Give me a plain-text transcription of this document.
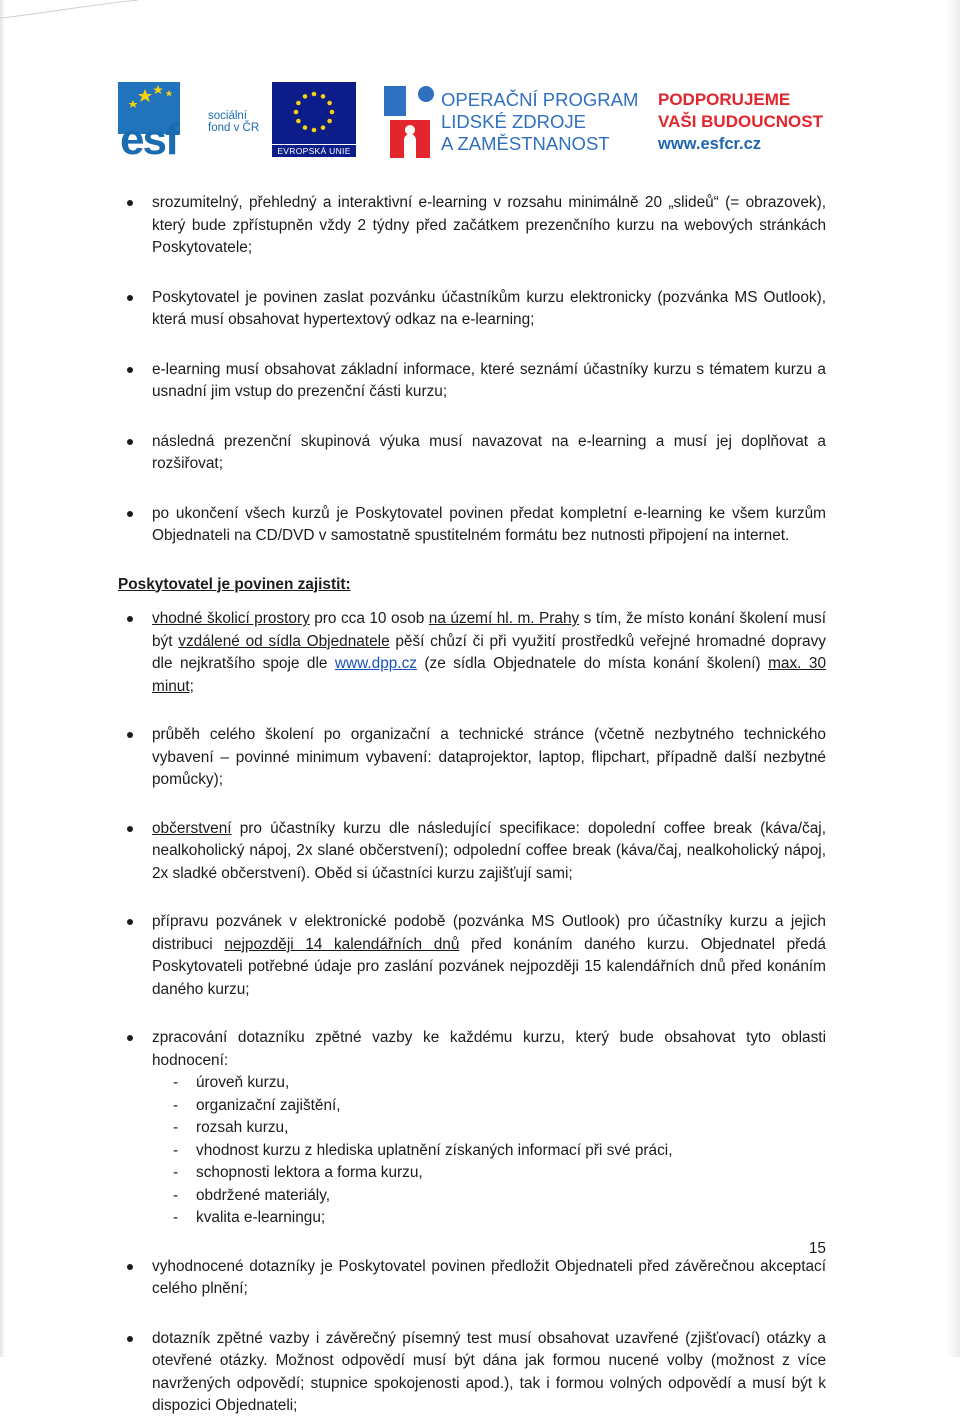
esf
evropský
sociální
fond v ČR
EVROPSKÁ UNIE
OPERAČNÍ PROGRAM
LIDSKÉ ZDROJE
A ZAMĚSTNANOST
PODPORUJEME
VAŠI BUDOUCNOST
www.esfcr.cz
srozumitelný, přehledný a interaktivní e-learning v rozsahu minimálně 20 „slideů“ (= obrazovek), který bude zpřístupněn vždy 2 týdny před začátkem prezenčního kurzu na webových stránkách Poskytovatele;
Poskytovatel je povinen zaslat pozvánku účastníkům kurzu elektronicky (pozvánka MS Outlook), která musí obsahovat hypertextový odkaz na e-learning;
e-learning musí obsahovat základní informace, které seznámí účastníky kurzu s tématem kurzu a usnadní jim vstup do prezenční části kurzu;
následná prezenční skupinová výuka musí navazovat na e-learning a musí jej doplňovat a rozšiřovat;
po ukončení všech kurzů je Poskytovatel povinen předat kompletní e-learning ke všem kurzům Objednateli na CD/DVD v samostatně spustitelném formátu bez nutnosti připojení na internet.
Poskytovatel je povinen zajistit:
vhodné školicí prostory pro cca 10 osob na území hl. m. Prahy s tím, že místo konání školení musí být vzdálené od sídla Objednatele pěší chůzí či při využití prostředků veřejné hromadné dopravy dle nejkratšího spoje dle www.dpp.cz (ze sídla Objednatele do místa konání školení) max. 30 minut;
průběh celého školení po organizační a technické stránce (včetně nezbytného technického vybavení – povinné minimum vybavení: dataprojektor, laptop, flipchart, případně další nezbytné pomůcky);
občerstvení pro účastníky kurzu dle následující specifikace: dopolední coffee break (káva/čaj, nealkoholický nápoj, 2x slané občerstvení); odpolední coffee break (káva/čaj, nealkoholický nápoj, 2x sladké občerstvení). Oběd si účastníci kurzu zajišťují sami;
přípravu pozvánek v elektronické podobě (pozvánka MS Outlook) pro účastníky kurzu a jejich distribuci nejpozději 14 kalendářních dnů před konáním daného kurzu. Objednatel předá Poskytovateli potřebné údaje pro zaslání pozvánek nejpozději 15 kalendářních dnů před konáním daného kurzu;
zpracování dotazníku zpětné vazby ke každému kurzu, který bude obsahovat tyto oblasti hodnocení:
- úroveň kurzu,
- organizační zajištění,
- rozsah kurzu,
- vhodnost kurzu z hlediska uplatnění získaných informací při své práci,
- schopnosti lektora a forma kurzu,
- obdržené materiály,
- kvalita e-learningu;
vyhodnocené dotazníky je Poskytovatel povinen předložit Objednateli před závěrečnou akceptací celého plnění;
dotazník zpětné vazby i závěrečný písemný test musí obsahovat uzavřené (zjišťovací) otázky a otevřené otázky. Možnost odpovědí musí být dána jak formou nucené volby (možnost z více navržených odpovědí; stupnice spokojenosti apod.), tak i formou volných odpovědí a musí být k dispozici Objednateli;
15
